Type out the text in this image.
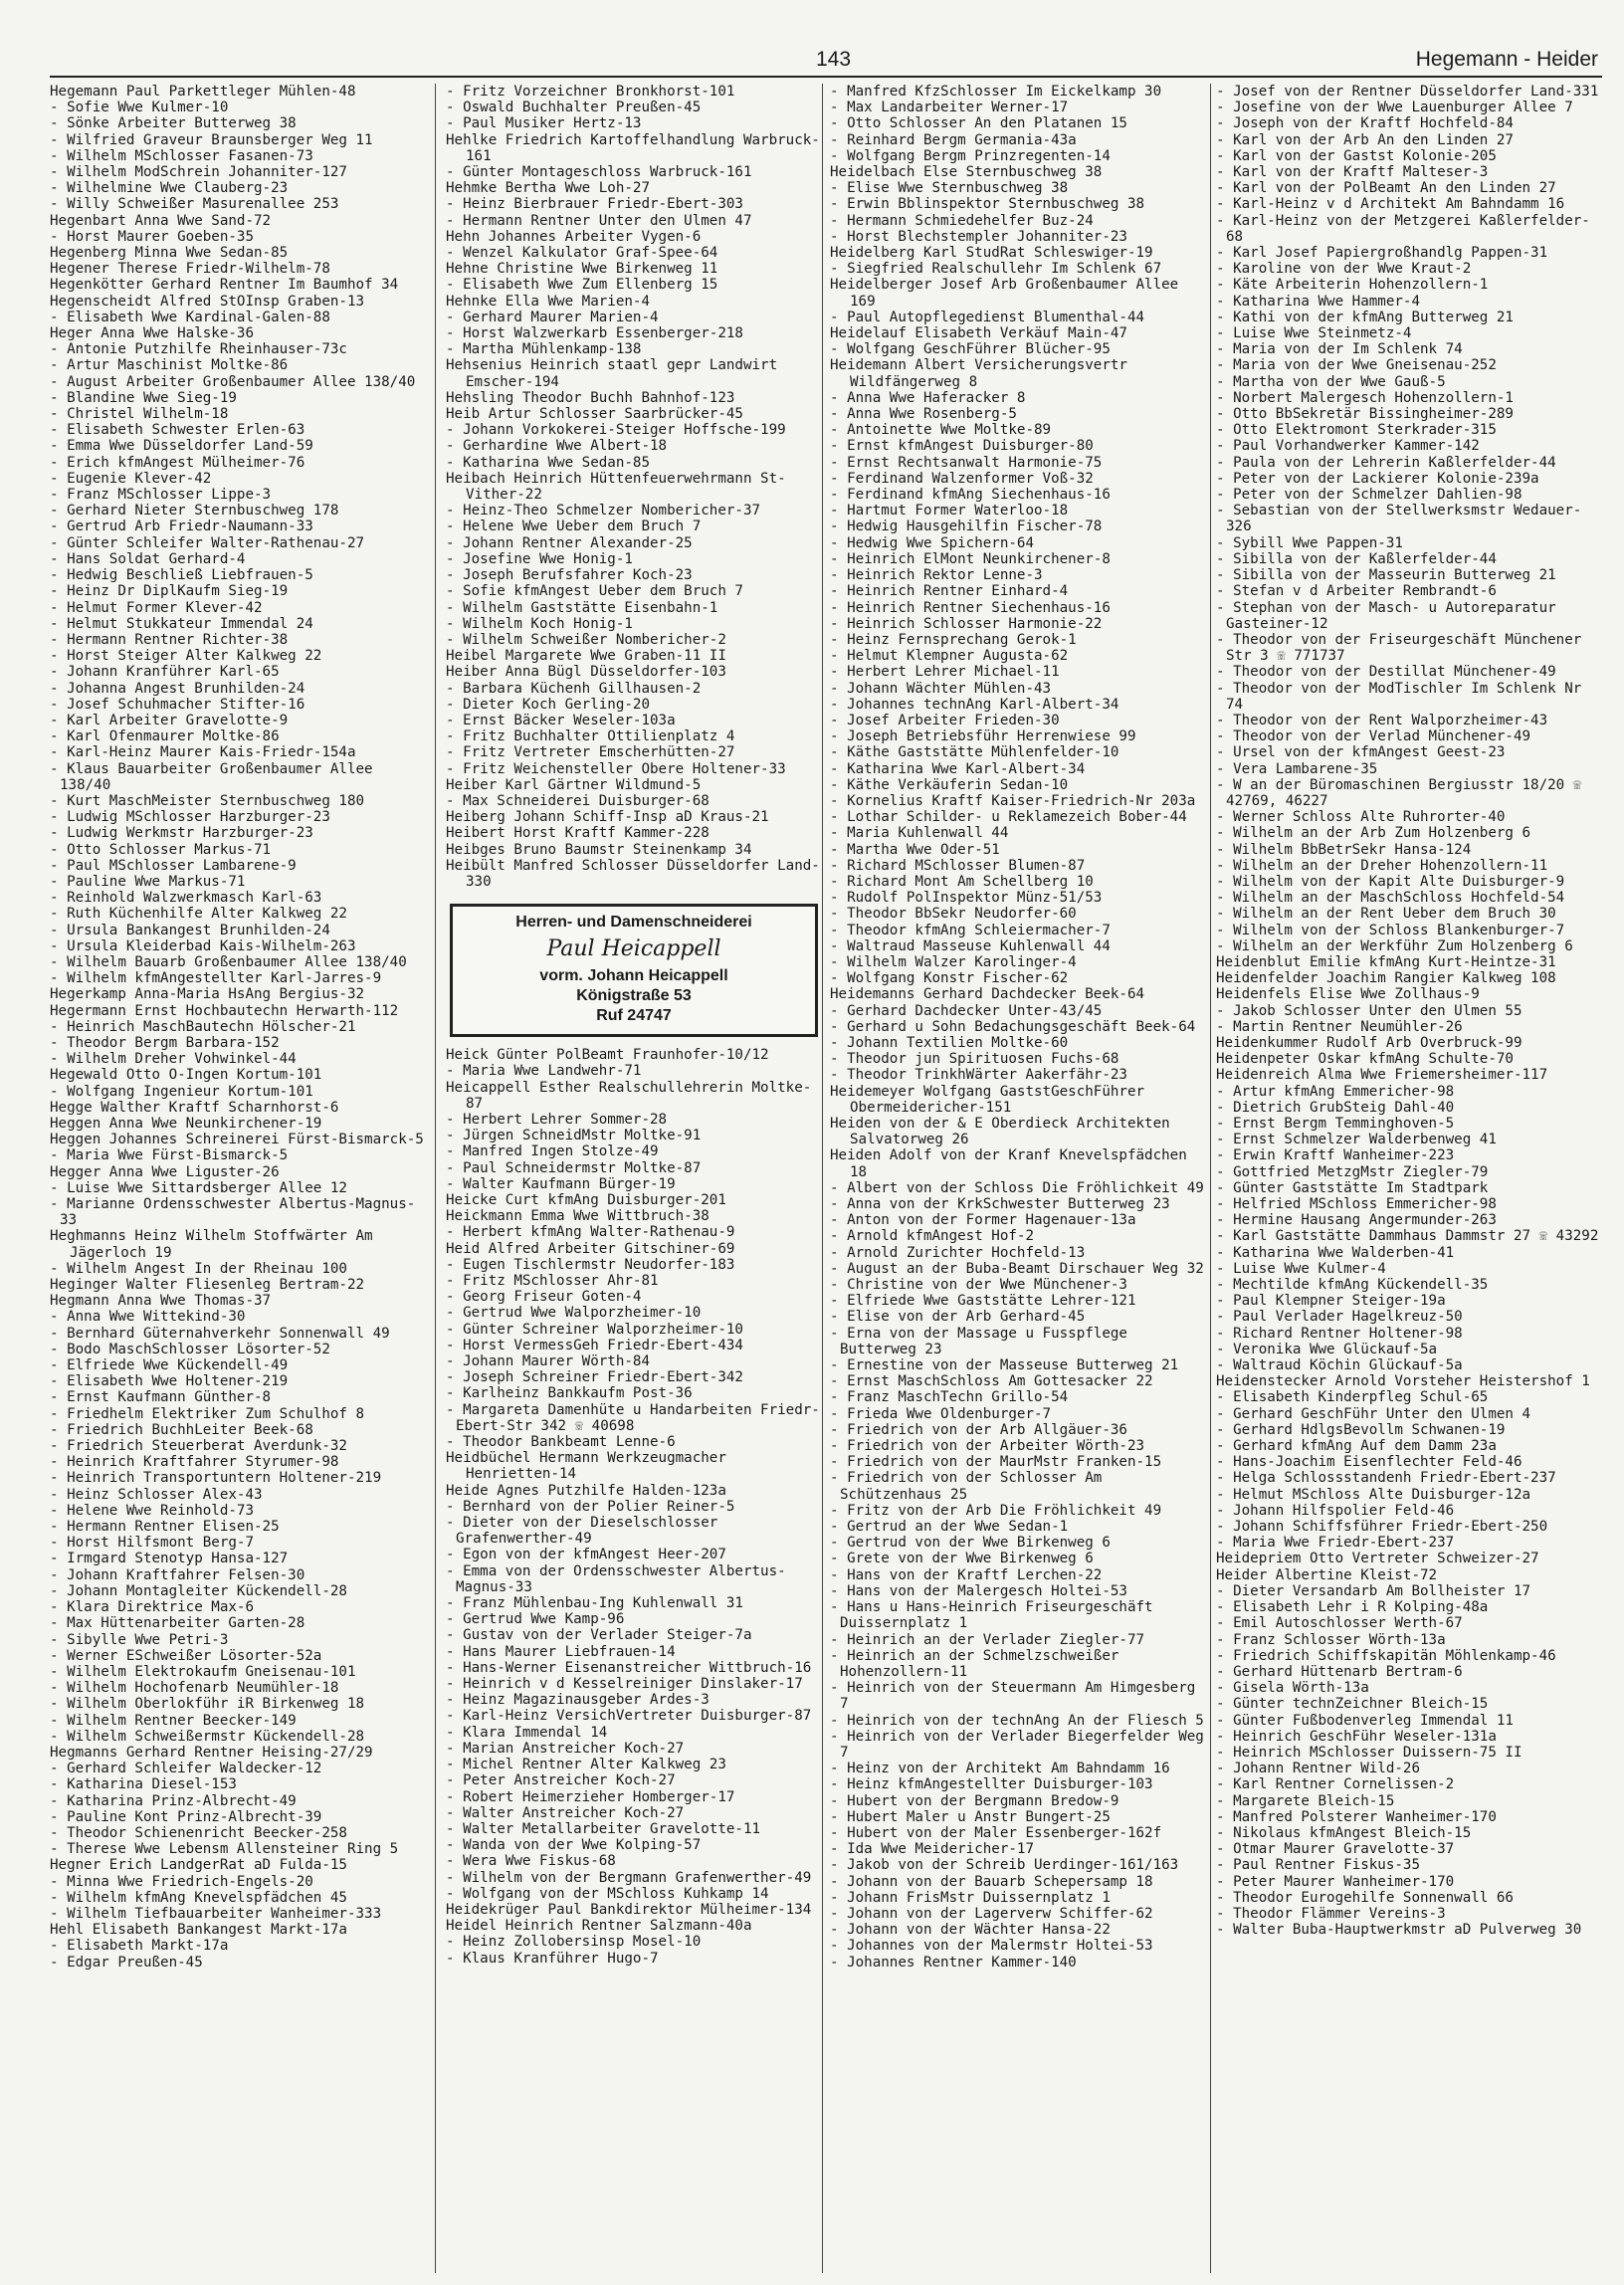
143	Hegemann - Heider
Hegemann Paul Parkettleger Mühlen-48
- Sofie Wwe Kulmer-10
- Sönke Arbeiter Butterweg 38
- Wilfried Graveur Braunsberger Weg 11
- Wilhelm MSchlosser Fasanen-73
- Wilhelm ModSchrein Johanniter-127
- Wilhelmine Wwe Clauberg-23
- Willy Schweißer Masurenallee 253
Hegenbart Anna Wwe Sand-72
- Horst Maurer Goeben-35
Hegenberg Minna Wwe Sedan-85
Hegener Therese Friedr-Wilhelm-78
Hegenkötter Gerhard Rentner Im Baumhof 34
Hegenscheidt Alfred StOInsp Graben-13
- Elisabeth Wwe Kardinal-Galen-88
Heger Anna Wwe Halske-36
- Antonie Putzhilfe Rheinhauser-73c
- Artur Maschinist Moltke-86
- August Arbeiter Großenbaumer Allee 138/40
- Blandine Wwe Sieg-19
- Christel Wilhelm-18
- Elisabeth Schwester Erlen-63
- Emma Wwe Düsseldorfer Land-59
- Erich kfmAngest Mülheimer-76
- Eugenie Klever-42
- Franz MSchlosser Lippe-3
- Gerhard Nieter Sternbuschweg 178
- Gertrud Arb Friedr-Naumann-33
- Günter Schleifer Walter-Rathenau-27
- Hans Soldat Gerhard-4
- Hedwig Beschließ Liebfrauen-5
- Heinz Dr DiplKaufm Sieg-19
- Helmut Former Klever-42
- Helmut Stukkateur Immendal 24
- Hermann Rentner Richter-38
- Horst Steiger Alter Kalkweg 22
- Johann Kranführer Karl-65
- Johanna Angest Brunhilden-24
- Josef Schuhmacher Stifter-16
- Karl Arbeiter Gravelotte-9
- Karl Ofenmaurer Moltke-86
- Karl-Heinz Maurer Kais-Friedr-154a
- Klaus Bauarbeiter Großenbaumer Allee 138/40
- Kurt MaschMeister Sternbuschweg 180
- Ludwig MSchlosser Harzburger-23
- Ludwig Werkmstr Harzburger-23
- Otto Schlosser Markus-71
- Paul MSchlosser Lambarene-9
- Pauline Wwe Markus-71
- Reinhold Walzwerkmasch Karl-63
- Ruth Küchenhilfe Alter Kalkweg 22
- Ursula Bankangest Brunhilden-24
- Ursula Kleiderbad Kais-Wilhelm-263
- Wilhelm Bauarb Großenbaumer Allee 138/40
- Wilhelm kfmAngestellter Karl-Jarres-9
Hegerkamp Anna-Maria HsAng Bergius-32
Hegermann Ernst Hochbautechn Herwarth-112
- Heinrich MaschBautechn Hölscher-21
- Theodor Bergm Barbara-152
- Wilhelm Dreher Vohwinkel-44
Hegewald Otto O-Ingen Kortum-101
- Wolfgang Ingenieur Kortum-101
Hegge Walther Kraftf Scharnhorst-6
Heggen Anna Wwe Neunkirchener-19
Heggen Johannes Schreinerei Fürst-Bismarck-5
- Maria Wwe Fürst-Bismarck-5
Hegger Anna Wwe Liguster-26
- Luise Wwe Sittardsberger Allee 12
- Marianne Ordensschwester Albertus-Magnus-33
Heghmanns Heinz Wilhelm Stoffwärter Am Jägerloch 19
- Wilhelm Angest In der Rheinau 100
Heginger Walter Fliesenleg Bertram-22
Hegmann Anna Wwe Thomas-37
- Anna Wwe Wittekind-30
- Bernhard Güternahverkehr Sonnenwall 49
- Bodo MaschSchlosser Lösorter-52
- Elfriede Wwe Kückendell-49
- Elisabeth Wwe Holtener-219
- Ernst Kaufmann Günther-8
- Friedhelm Elektriker Zum Schulhof 8
- Friedrich BuchhLeiter Beek-68
- Friedrich Steuerberat Averdunk-32
- Heinrich Kraftfahrer Styrumer-98
- Heinrich Transportuntern Holtener-219
- Heinz Schlosser Alex-43
- Helene Wwe Reinhold-73
- Hermann Rentner Elisen-25
- Horst Hilfsmont Berg-7
- Irmgard Stenotyp Hansa-127
- Johann Kraftfahrer Felsen-30
- Johann Montagleiter Kückendell-28
- Klara Direktrice Max-6
- Max Hüttenarbeiter Garten-28
- Sibylle Wwe Petri-3
- Werner ESchweißer Lösorter-52a
- Wilhelm Elektrokaufm Gneisenau-101
- Wilhelm Hochofenarb Neumühler-18
- Wilhelm Oberlokführ iR Birkenweg 18
- Wilhelm Rentner Beecker-149
- Wilhelm Schweißermstr Kückendell-28
Hegmanns Gerhard Rentner Heising-27/29
- Gerhard Schleifer Waldecker-12
- Katharina Diesel-153
- Katharina Prinz-Albrecht-49
- Pauline Kont Prinz-Albrecht-39
- Theodor Schienenricht Beecker-258
- Therese Wwe Lebensm Allensteiner Ring 5
Hegner Erich LandgerRat aD Fulda-15
- Minna Wwe Friedrich-Engels-20
- Wilhelm kfmAng Knevelspfädchen 45
- Wilhelm Tiefbauarbeiter Wanheimer-333
Hehl Elisabeth Bankangest Markt-17a
- Elisabeth Markt-17a
- Edgar Preußen-45
- Fritz Vorzeichner Bronkhorst-101
- Oswald Buchhalter Preußen-45
- Paul Musiker Hertz-13
Hehlke Friedrich Kartoffelhandlung Warbruck-161
- Günter Montageschloss Warbruck-161
Hehmke Bertha Wwe Loh-27
- Heinz Bierbrauer Friedr-Ebert-303
- Hermann Rentner Unter den Ulmen 47
Hehn Johannes Arbeiter Vygen-6
- Wenzel Kalkulator Graf-Spee-64
Hehne Christine Wwe Birkenweg 11
- Elisabeth Wwe Zum Ellenberg 15
Hehnke Ella Wwe Marien-4
- Gerhard Maurer Marien-4
- Horst Walzwerkarb Essenberger-218
- Martha Mühlenkamp-138
Hehsenius Heinrich staatl gepr Landwirt Emscher-194
Hehsling Theodor Buchh Bahnhof-123
Heib Artur Schlosser Saarbrücker-45
- Johann Vorkokerei-Steiger Hoffsche-199
- Gerhardine Wwe Albert-18
- Katharina Wwe Sedan-85
Heibach Heinrich Hüttenfeuerwehrmann St-Vither-22
- Heinz-Theo Schmelzer Nombericher-37
- Helene Wwe Ueber dem Bruch 7
- Johann Rentner Alexander-25
- Josefine Wwe Honig-1
- Joseph Berufsfahrer Koch-23
- Sofie kfmAngest Ueber dem Bruch 7
- Wilhelm Gaststätte Eisenbahn-1
- Wilhelm Koch Honig-1
- Wilhelm Schweißer Nombericher-2
Heibel Margarete Wwe Graben-11 II
Heiber Anna Bügl Düsseldorfer-103
- Barbara Küchenh Gillhausen-2
- Dieter Koch Gerling-20
- Ernst Bäcker Weseler-103a
- Fritz Buchhalter Ottilienplatz 4
- Fritz Vertreter Emscherhütten-27
- Fritz Weichensteller Obere Holtener-33
Heiber Karl Gärtner Wildmund-5
- Max Schneiderei Duisburger-68
Heiberg Johann Schiff-Insp aD Kraus-21
Heibert Horst Kraftf Kammer-228
Heibges Bruno Baumstr Steinenkamp 34
Heibült Manfred Schlosser Düsseldorfer Land-330
Herren- und Damenschneiderei
Paul Heicappell
vorm. Johann Heicappell
Königstraße 53
Ruf 24747
Heick Günter PolBeamt Fraunhofer-10/12
- Maria Wwe Landwehr-71
Heicappell Esther Realschullehrerin Moltke-87
- Herbert Lehrer Sommer-28
- Jürgen SchneidMstr Moltke-91
- Manfred Ingen Stolze-49
- Paul Schneidermstr Moltke-87
- Walter Kaufmann Bürger-19
Heicke Curt kfmAng Duisburger-201
Heickmann Emma Wwe Wittbruch-38
- Herbert kfmAng Walter-Rathenau-9
Heid Alfred Arbeiter Gitschiner-69
- Eugen Tischlermstr Neudorfer-183
- Fritz MSchlosser Ahr-81
- Georg Friseur Goten-4
- Gertrud Wwe Walporzheimer-10
- Günter Schreiner Walporzheimer-10
- Horst VermessGeh Friedr-Ebert-434
- Johann Maurer Wörth-84
- Joseph Schreiner Friedr-Ebert-342
- Karlheinz Bankkaufm Post-36
- Margareta Damenhüte u Handarbeiten Friedr-Ebert-Str 342 ☏ 40698
- Theodor Bankbeamt Lenne-6
Heidbüchel Hermann Werkzeugmacher Henrietten-14
Heide Agnes Putzhilfe Halden-123a
- Bernhard von der Polier Reiner-5
- Dieter von der Dieselschlosser Grafenwerther-49
- Egon von der kfmAngest Heer-207
- Emma von der Ordensschwester Albertus-Magnus-33
- Franz Mühlenbau-Ing Kuhlenwall 31
- Gertrud Wwe Kamp-96
- Gustav von der Verlader Steiger-7a
- Hans Maurer Liebfrauen-14
- Hans-Werner Eisenanstreicher Wittbruch-16
- Heinrich v d Kesselreiniger Dinslaker-17
- Heinz Magazinausgeber Ardes-3
- Karl-Heinz VersichVertreter Duisburger-87
- Klara Immendal 14
- Marian Anstreicher Koch-27
- Michel Rentner Alter Kalkweg 23
- Peter Anstreicher Koch-27
- Robert Heimerzieher Homberger-17
- Walter Anstreicher Koch-27
- Walter Metallarbeiter Gravelotte-11
- Wanda von der Wwe Kolping-57
- Wera Wwe Fiskus-68
- Wilhelm von der Bergmann Grafenwerther-49
- Wolfgang von der MSchloss Kuhkamp 14
Heidekrüger Paul Bankdirektor Mülheimer-134
Heidel Heinrich Rentner Salzmann-40a
- Heinz Zollobersinsp Mosel-10
- Klaus Kranführer Hugo-7
- Manfred KfzSchlosser Im Eickelkamp 30
- Max Landarbeiter Werner-17
- Otto Schlosser An den Platanen 15
- Reinhard Bergm Germania-43a
- Wolfgang Bergm Prinzregenten-14
Heidelbach Else Sternbuschweg 38
- Elise Wwe Sternbuschweg 38
- Erwin Bblinspektor Sternbuschweg 38
- Hermann Schmiedehelfer Buz-24
- Horst Blechstempler Johanniter-23
Heidelberg Karl StudRat Schleswiger-19
- Siegfried Realschullehr Im Schlenk 67
Heidelberger Josef Arb Großenbaumer Allee 169
- Paul Autopflegedienst Blumenthal-44
Heidelauf Elisabeth Verkäuf Main-47
- Wolfgang GeschFührer Blücher-95
Heidemann Albert Versicherungsvertr Wildfängerweg 8
- Anna Wwe Haferacker 8
- Anna Wwe Rosenberg-5
- Antoinette Wwe Moltke-89
- Ernst kfmAngest Duisburger-80
- Ernst Rechtsanwalt Harmonie-75
- Ferdinand Walzenformer Voß-32
- Ferdinand kfmAng Siechenhaus-16
- Hartmut Former Waterloo-18
- Hedwig Hausgehilfin Fischer-78
- Hedwig Wwe Spichern-64
- Heinrich ElMont Neunkirchener-8
- Heinrich Rektor Lenne-3
- Heinrich Rentner Einhard-4
- Heinrich Rentner Siechenhaus-16
- Heinrich Schlosser Harmonie-22
- Heinz Fernsprechang Gerok-1
- Helmut Klempner Augusta-62
- Herbert Lehrer Michael-11
- Johann Wächter Mühlen-43
- Johannes technAng Karl-Albert-34
- Josef Arbeiter Frieden-30
- Joseph Betriebsführ Herrenwiese 99
- Käthe Gaststätte Mühlenfelder-10
- Katharina Wwe Karl-Albert-34
- Käthe Verkäuferin Sedan-10
- Kornelius Kraftf Kaiser-Friedrich-Nr 203a
- Lothar Schilder- u Reklamezeich Bober-44
- Maria Kuhlenwall 44
- Martha Wwe Oder-51
- Richard MSchlosser Blumen-87
- Richard Mont Am Schellberg 10
- Rudolf PolInspektor Münz-51/53
- Theodor BbSekr Neudorfer-60
- Theodor kfmAng Schleiermacher-7
- Waltraud Masseuse Kuhlenwall 44
- Wilhelm Walzer Karolinger-4
- Wolfgang Konstr Fischer-62
Heidemanns Gerhard Dachdecker Beek-64
- Gerhard Dachdecker Unter-43/45
- Gerhard u Sohn Bedachungsgeschäft Beek-64
- Johann Textilien Moltke-60
- Theodor jun Spirituosen Fuchs-68
- Theodor TrinkhWärter Aakerfähr-23
Heidemeyer Wolfgang GaststGeschFührer Obermeidericher-151
Heiden von der & E Oberdieck Architekten Salvatorweg 26
Heiden Adolf von der Kranf Knevelspfädchen 18
- Albert von der Schloss Die Fröhlichkeit 49
- Anna von der KrkSchwester Butterweg 23
- Anton von der Former Hagenauer-13a
- Arnold kfmAngest Hof-2
- Arnold Zurichter Hochfeld-13
- August an der Buba-Beamt Dirschauer Weg 32
- Christine von der Wwe Münchener-3
- Elfriede Wwe Gaststätte Lehrer-121
- Elise von der Arb Gerhard-45
- Erna von der Massage u Fusspflege Butterweg 23
- Ernestine von der Masseuse Butterweg 21
- Ernst MaschSchloss Am Gottesacker 22
- Franz MaschTechn Grillo-54
- Frieda Wwe Oldenburger-7
- Friedrich von der Arb Allgäuer-36
- Friedrich von der Arbeiter Wörth-23
- Friedrich von der MaurMstr Franken-15
- Friedrich von der Schlosser Am Schützenhaus 25
- Fritz von der Arb Die Fröhlichkeit 49
- Gertrud an der Wwe Sedan-1
- Gertrud von der Wwe Birkenweg 6
- Grete von der Wwe Birkenweg 6
- Hans von der Kraftf Lerchen-22
- Hans von der Malergesch Holtei-53
- Hans u Hans-Heinrich Friseurgeschäft Duissernplatz 1
- Heinrich an der Verlader Ziegler-77
- Heinrich an der Schmelzschweißer Hohenzollern-11
- Heinrich von der Steuermann Am Himgesberg 7
- Heinrich von der technAng An der Fliesch 5
- Heinrich von der Verlader Biegerfelder Weg 7
- Heinz von der Architekt Am Bahndamm 16
- Heinz kfmAngestellter Duisburger-103
- Hubert von der Bergmann Bredow-9
- Hubert Maler u Anstr Bungert-25
- Hubert von der Maler Essenberger-162f
- Ida Wwe Meidericher-17
- Jakob von der Schreib Uerdinger-161/163
- Johann von der Bauarb Schepersamp 18
- Johann FrisMstr Duissernplatz 1
- Johann von der Lagerverw Schiffer-62
- Johann von der Wächter Hansa-22
- Johannes von der Malermstr Holtei-53
- Johannes Rentner Kammer-140
- Josef von der Rentner Düsseldorfer Land-331
- Josefine von der Wwe Lauenburger Allee 7
- Joseph von der Kraftf Hochfeld-84
- Karl von der Arb An den Linden 27
- Karl von der Gastst Kolonie-205
- Karl von der Kraftf Malteser-3
- Karl von der PolBeamt An den Linden 27
- Karl-Heinz v d Architekt Am Bahndamm 16
- Karl-Heinz von der Metzgerei Kaßlerfelder-68
- Karl Josef Papiergroßhandlg Pappen-31
- Karoline von der Wwe Kraut-2
- Käte Arbeiterin Hohenzollern-1
- Katharina Wwe Hammer-4
- Kathi von der kfmAng Butterweg 21
- Luise Wwe Steinmetz-4
- Maria von der Im Schlenk 74
- Maria von der Wwe Gneisenau-252
- Martha von der Wwe Gauß-5
- Norbert Malergesch Hohenzollern-1
- Otto BbSekretär Bissingheimer-289
- Otto Elektromont Sterkrader-315
- Paul Vorhandwerker Kammer-142
- Paula von der Lehrerin Kaßlerfelder-44
- Peter von der Lackierer Kolonie-239a
- Peter von der Schmelzer Dahlien-98
- Sebastian von der Stellwerksmstr Wedauer-326
- Sybill Wwe Pappen-31
- Sibilla von der Kaßlerfelder-44
- Sibilla von der Masseurin Butterweg 21
- Stefan v d Arbeiter Rembrandt-6
- Stephan von der Masch- u Autoreparatur Gasteiner-12
- Theodor von der Friseurgeschäft Münchener Str 3 ☏ 771737
- Theodor von der Destillat Münchener-49
- Theodor von der ModTischler Im Schlenk Nr 74
- Theodor von der Rent Walporzheimer-43
- Theodor von der Verlad Münchener-49
- Ursel von der kfmAngest Geest-23
- Vera Lambarene-35
- W an der Büromaschinen Bergiusstr 18/20 ☏ 42769, 46227
- Werner Schloss Alte Ruhrorter-40
- Wilhelm an der Arb Zum Holzenberg 6
- Wilhelm BbBetrSekr Hansa-124
- Wilhelm an der Dreher Hohenzollern-11
- Wilhelm von der Kapit Alte Duisburger-9
- Wilhelm an der MaschSchloss Hochfeld-54
- Wilhelm an der Rent Ueber dem Bruch 30
- Wilhelm von der Schloss Blankenburger-7
- Wilhelm an der Werkführ Zum Holzenberg 6
Heidenblut Emilie kfmAng Kurt-Heintze-31
Heidenfelder Joachim Rangier Kalkweg 108
Heidenfels Elise Wwe Zollhaus-9
- Jakob Schlosser Unter den Ulmen 55
- Martin Rentner Neumühler-26
Heidenkummer Rudolf Arb Overbruck-99
Heidenpeter Oskar kfmAng Schulte-70
Heidenreich Alma Wwe Friemersheimer-117
- Artur kfmAng Emmericher-98
- Dietrich GrubSteig Dahl-40
- Ernst Bergm Temminghoven-5
- Ernst Schmelzer Walderbenweg 41
- Erwin Kraftf Wanheimer-223
- Gottfried MetzgMstr Ziegler-79
- Günter Gaststätte Im Stadtpark
- Helfried MSchloss Emmericher-98
- Hermine Hausang Angermunder-263
- Karl Gaststätte Dammhaus Dammstr 27 ☏ 43292
- Katharina Wwe Walderben-41
- Luise Wwe Kulmer-4
- Mechtilde kfmAng Kückendell-35
- Paul Klempner Steiger-19a
- Paul Verlader Hagelkreuz-50
- Richard Rentner Holtener-98
- Veronika Wwe Glückauf-5a
- Waltraud Köchin Glückauf-5a
Heidenstecker Arnold Vorsteher Heistershof 1
- Elisabeth Kinderpfleg Schul-65
- Gerhard GeschFühr Unter den Ulmen 4
- Gerhard HdlgsBevollm Schwanen-19
- Gerhard kfmAng Auf dem Damm 23a
- Hans-Joachim Eisenflechter Feld-46
- Helga Schlossstandenh Friedr-Ebert-237
- Helmut MSchloss Alte Duisburger-12a
- Johann Hilfspolier Feld-46
- Johann Schiffsführer Friedr-Ebert-250
- Maria Wwe Friedr-Ebert-237
Heidepriem Otto Vertreter Schweizer-27
Heider Albertine Kleist-72
- Dieter Versandarb Am Bollheister 17
- Elisabeth Lehr i R Kolping-48a
- Emil Autoschlosser Werth-67
- Franz Schlosser Wörth-13a
- Friedrich Schiffskapitän Möhlenkamp-46
- Gerhard Hüttenarb Bertram-6
- Gisela Wörth-13a
- Günter technZeichner Bleich-15
- Günter Fußbodenverleg Immendal 11
- Heinrich GeschFühr Weseler-131a
- Heinrich MSchlosser Duissern-75 II
- Johann Rentner Wild-26
- Karl Rentner Cornelissen-2
- Margarete Bleich-15
- Manfred Polsterer Wanheimer-170
- Nikolaus kfmAngest Bleich-15
- Otmar Maurer Gravelotte-37
- Paul Rentner Fiskus-35
- Peter Maurer Wanheimer-170
- Theodor Eurogehilfe Sonnenwall 66
- Theodor Flämmer Vereins-3
- Walter Buba-Hauptwerkmstr aD Pulverweg 30
